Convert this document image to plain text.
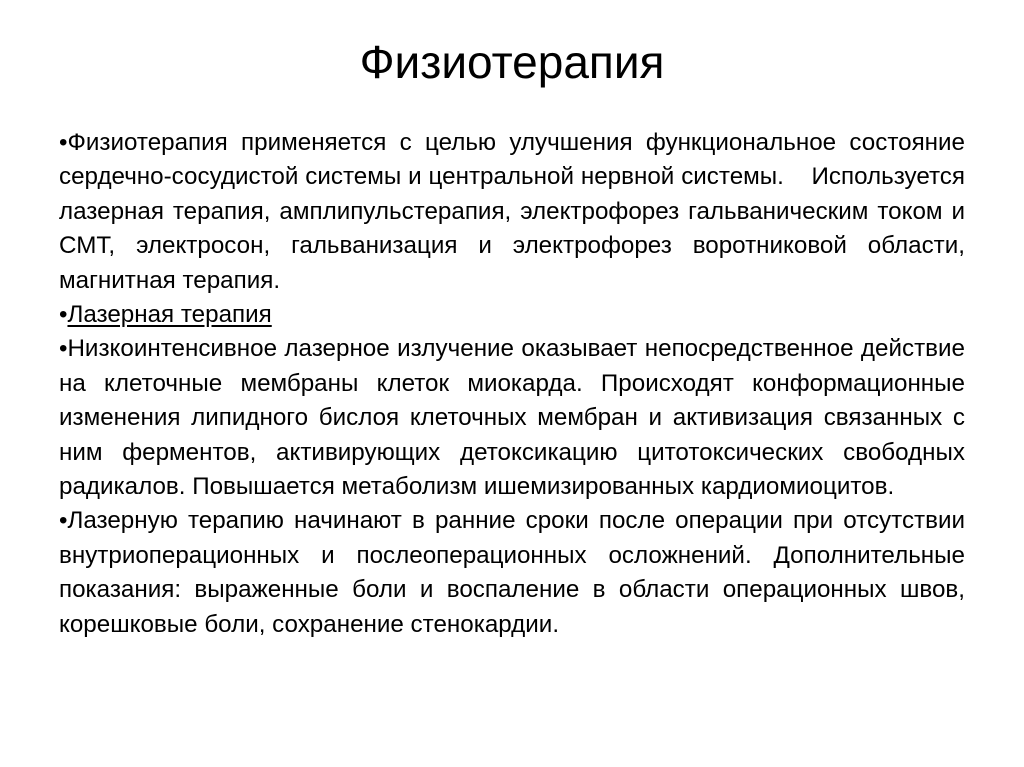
Физиотерапия

•Физиотерапия применяется с целью улучшения функциональное состояние сердечно-сосудистой системы и центральной нервной системы.    Используется лазерная терапия, амплипульстерапия, электрофорез гальваническим током и СМТ, электросон, гальванизация и электрофорез воротниковой области, магнитная терапия.

•Лазерная терапия

•Низкоинтенсивное лазерное излучение оказывает непосредственное действие на клеточные мембраны клеток миокарда. Происходят конформационные изменения липидного бислоя клеточных мембран и активизация связанных с ним ферментов, активирующих детоксикацию цитотоксических свободных радикалов. Повышается метаболизм ишемизированных кардиомиоцитов.

•Лазерную терапию начинают в ранние сроки после операции при отсутствии внутриоперационных и послеоперационных осложнений. Дополнительные показания: выраженные боли и воспаление в области операционных швов, корешковые боли, сохранение стенокардии.
